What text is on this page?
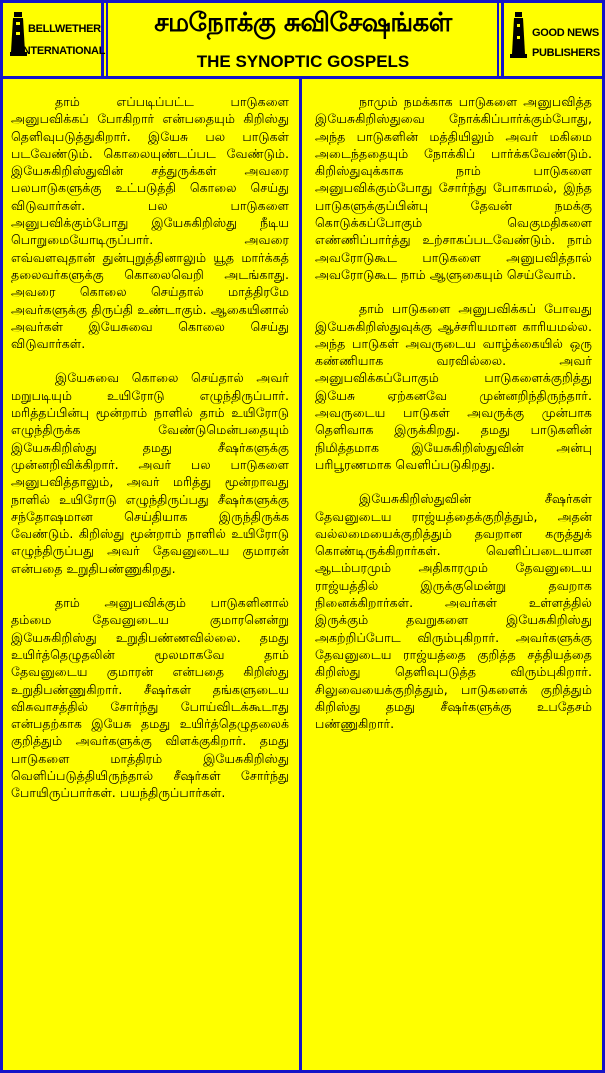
BELLWETHER
INTERNATIONAL
சமநோக்கு சுவிசேஷங்கள்
THE SYNOPTIC GOSPELS
GOOD NEWS
PUBLISHERS

தாம் எப்படிப்பட்ட பாடுகளை அனுபவிக்கப் போகிறார் என்பதையும் கிறிஸ்து தெளிவுபடுத்துகிறார். இயேசு பல பாடுகள் படவேண்டும். கொலையுண்டப்பட வேண்டும். இயேசுகிறிஸ்துவின் சத்துருக்கள் அவரை பலபாடுகளுக்கு உட்படுத்தி கொலை செய்து விடுவார்கள். பல பாடுகளை அனுபவிக்கும்போது இயேசுகிறிஸ்து நீடிய பொறுமையோடிருப்பார். அவரை எவ்வளவுதான் துன்புறுத்தினாலும் யூத மார்க்கத் தலைவர்களுக்கு கொலைவெறி அடங்காது. அவரை கொலை செய்தால் மாத்திரமே அவர்களுக்கு திருப்தி உண்டாகும். ஆகையினால் அவர்கள் இயேசுவை கொலை செய்து விடுவார்கள்.

இயேசுவை கொலை செய்தால் அவர் மறுபடியும் உயிரோடு எழுந்திருப்பார். மரித்தப்பின்பு மூன்றாம் நாளில் தாம் உயிரோடு எழுந்திருக்க வேண்டுமென்பதையும் இயேசுகிறிஸ்து தமது சீஷர்களுக்கு முன்னறிவிக்கிறார். அவர் பல பாடுகளை அனுபவித்தாலும், அவர் மரித்து மூன்றாவது நாளில் உயிரோடு எழுந்திருப்பது சீஷர்களுக்கு சந்தோஷமான செய்தியாக இருந்திருக்க வேண்டும். கிறிஸ்து மூன்றாம் நாளில் உயிரோடு எழுந்திருப்பது அவர் தேவனுடைய குமாரன் என்பதை உறுதிபண்ணுகிறது.

தாம் அனுபவிக்கும் பாடுகளினால் தம்மை தேவனுடைய குமாரனென்று இயேசுகிறிஸ்து உறுதிபண்ணவில்லை. தமது உயிர்த்தெழுதலின் மூலமாகவே தாம் தேவனுடைய குமாரன் என்பதை கிறிஸ்து உறுதிபண்ணுகிறார். சீஷர்கள் தங்களுடைய விசுவாசத்தில் சோர்ந்து போய்விடக்கூடாது என்பதற்காக இயேசு தமது உயிர்த்தெழுதலைக் குறித்தும் அவர்களுக்கு விளக்குகிறார். தமது பாடுகளை மாத்திரம் இயேசுகிறிஸ்து வெளிப்படுத்தியிருந்தால் சீஷர்கள் சோர்ந்து போயிருப்பார்கள். பயந்திருப்பார்கள்.

நாமும் நமக்காக பாடுகளை அனுபவித்த இயேசுகிறிஸ்துவை நோக்கிப்பார்க்கும்போது, அந்த பாடுகளின் மத்தியிலும் அவர் மகிமை அடைந்ததையும் நோக்கிப் பார்க்கவேண்டும். கிறிஸ்துவுக்காக நாம் பாடுகளை அனுபவிக்கும்போது சோர்ந்து போகாமல், இந்த பாடுகளுக்குப்பின்பு தேவன் நமக்கு கொடுக்கப்போகும் வெகுமதிகளை எண்ணிப்பார்த்து உற்சாகப்படவேண்டும். நாம் அவரோடுகூட பாடுகளை அனுபவித்தால் அவரோடுகூட நாம் ஆளுகையும் செய்வோம்.

தாம் பாடுகளை அனுபவிக்கப் போவது இயேசுகிறிஸ்துவுக்கு ஆச்சரியமான காரியமல்ல. அந்த பாடுகள் அவருடைய வாழ்க்கையில் ஒரு கண்ணியாக வரவில்லை. அவர் அனுபவிக்கப்போகும் பாடுகளைக்குறித்து இயேசு ஏற்கனவே முன்னறிந்திருந்தார். அவருடைய பாடுகள் அவருக்கு முன்பாக தெளிவாக இருக்கிறது. தமது பாடுகளின் நிமித்தமாக இயேசுகிறிஸ்துவின் அன்பு பரிபூரணமாக வெளிப்படுகிறது.

இயேசுகிறிஸ்துவின் சீஷர்கள் தேவனுடைய ராஜ்யத்தைக்குறித்தும், அதன் வல்லமையைக்குறித்தும் தவறான கருத்துக் கொண்டிருக்கிறார்கள். வெளிப்படையான ஆடம்பரமும் அதிகாரமும் தேவனுடைய ராஜ்யத்தில் இருக்குமென்று தவறாக நினைக்கிறார்கள். அவர்கள் உள்ளத்தில் இருக்கும் தவறுகளை இயேசுகிறிஸ்து அகற்றிப்போட விரும்புகிறார். அவர்களுக்கு தேவனுடைய ராஜ்யத்தை குறித்த சத்தியத்தை கிறிஸ்து தெளிவுபடுத்த விரும்புகிறார். சிலுவையைக்குறித்தும், பாடுகளைக் குறித்தும் கிறிஸ்து தமது சீஷர்களுக்கு உபதேசம் பண்ணுகிறார்.
